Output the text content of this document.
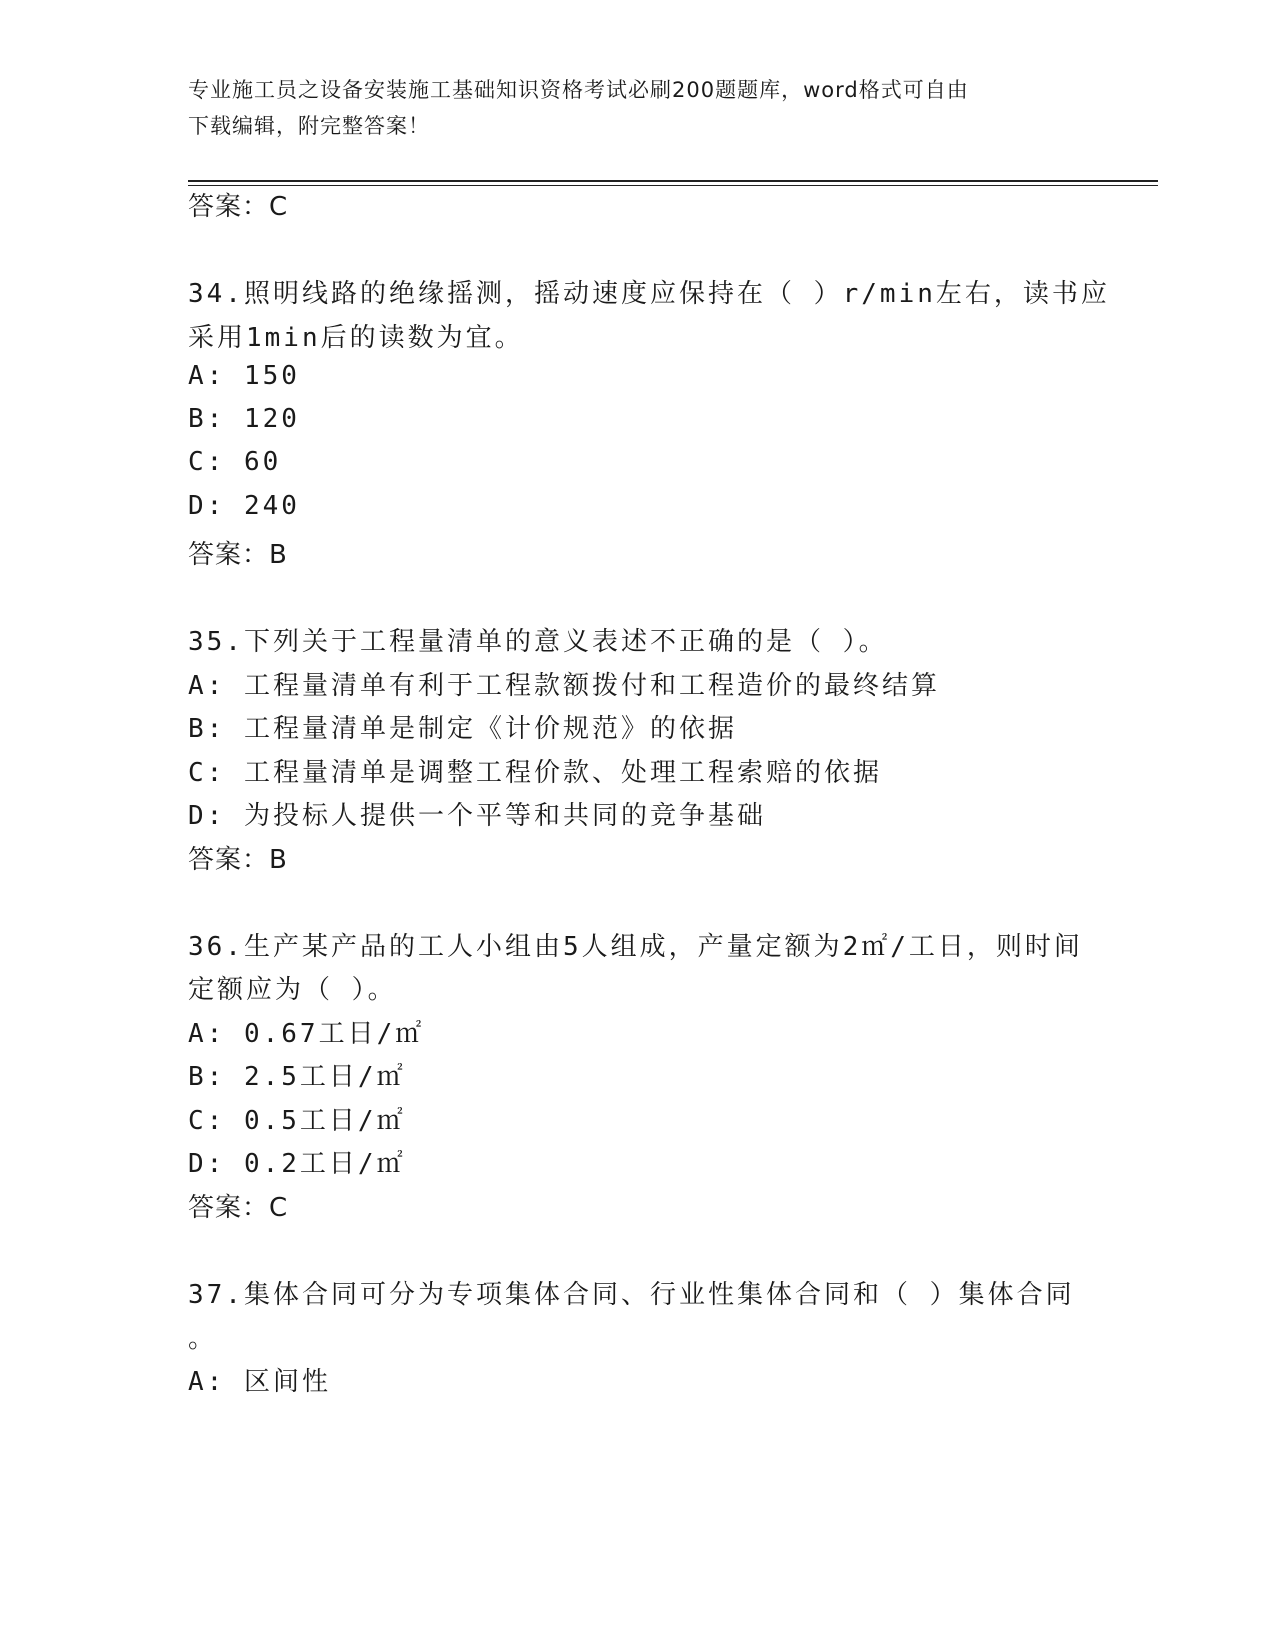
专业施工员之设备安装施工基础知识资格考试必刷200题题库，word格式可自由
下载编辑，附完整答案！
答案：C
34.照明线路的绝缘摇测，摇动速度应保持在（ ）r/min左右，读书应
采用1min后的读数为宜。
A: 150
B: 120
C: 60
D: 240
答案：B
35.下列关于工程量清单的意义表述不正确的是（ ）。
A: 工程量清单有利于工程款额拨付和工程造价的最终结算
B: 工程量清单是制定《计价规范》的依据
C: 工程量清单是调整工程价款、处理工程索赔的依据
D: 为投标人提供一个平等和共同的竞争基础
答案：B
36.生产某产品的工人小组由5人组成，产量定额为2㎡/工日，则时间
定额应为（ ）。
A: 0.67工日/㎡
B: 2.5工日/㎡
C: 0.5工日/㎡
D: 0.2工日/㎡
答案：C
37.集体合同可分为专项集体合同、行业性集体合同和（ ）集体合同
。
A: 区间性
